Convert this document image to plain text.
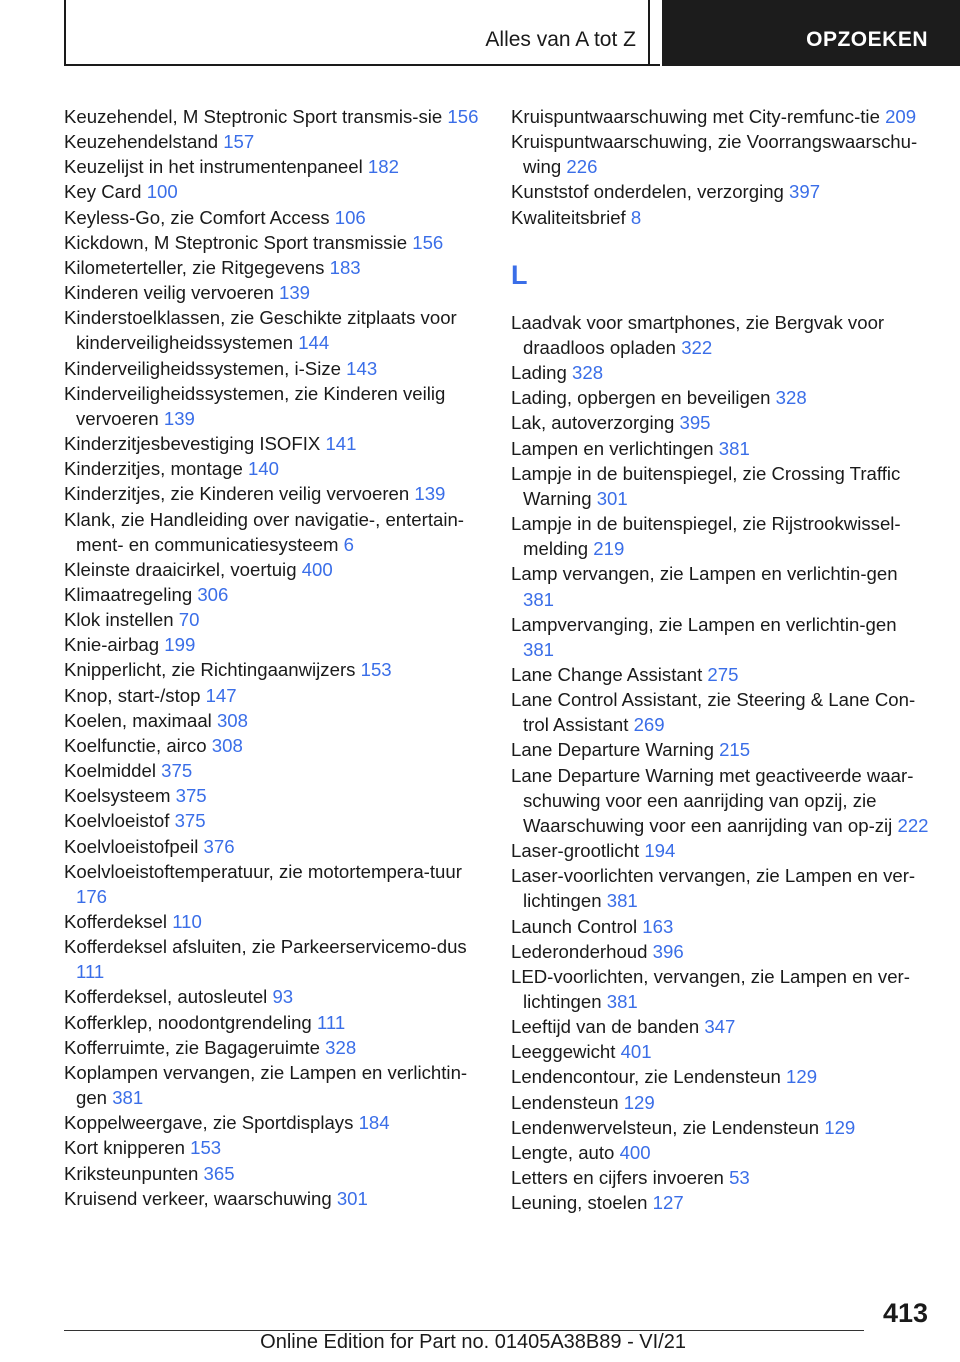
Alles van A tot Z	OPZOEKEN
Keuzehendel, M Steptronic Sport transmis-sie 156
Keuzehendelstand 157
Keuzelijst in het instrumentenpaneel 182
Key Card 100
Keyless-Go, zie Comfort Access 106
Kickdown, M Steptronic Sport transmissie 156
Kilometerteller, zie Ritgegevens 183
Kinderen veilig vervoeren 139
Kinderstoelklassen, zie Geschikte zitplaats voor kinderveiligheidssystemen 144
Kinderveiligheidssystemen, i-Size 143
Kinderveiligheidssystemen, zie Kinderen veilig vervoeren 139
Kinderzitjesbevestiging ISOFIX 141
Kinderzitjes, montage 140
Kinderzitjes, zie Kinderen veilig vervoeren 139
Klank, zie Handleiding over navigatie-, entertain-ment- en communicatiesysteem 6
Kleinste draaicirkel, voertuig 400
Klimaatregeling 306
Klok instellen 70
Knie-airbag 199
Knipperlicht, zie Richtingaanwijzers 153
Knop, start-/stop 147
Koelen, maximaal 308
Koelfunctie, airco 308
Koelmiddel 375
Koelsysteem 375
Koelvloeistof 375
Koelvloeistofpeil 376
Koelvloeistoftemperatuur, zie motortempera-tuur 176
Kofferdeksel 110
Kofferdeksel afsluiten, zie Parkeerservicemo-dus 111
Kofferdeksel, autosleutel 93
Kofferklep, noodontgrendeling 111
Kofferruimte, zie Bagageruimte 328
Koplampen vervangen, zie Lampen en verlichtin-gen 381
Koppelweergave, zie Sportdisplays 184
Kort knipperen 153
Kriksteunpunten 365
Kruisend verkeer, waarschuwing 301
Kruispuntwaarschuwing met City-remfunc-tie 209
Kruispuntwaarschuwing, zie Voorrangswaarschu-wing 226
Kunststof onderdelen, verzorging 397
Kwaliteitsbrief 8
L
Laadvak voor smartphones, zie Bergvak voor draadloos opladen 322
Lading 328
Lading, opbergen en beveiligen 328
Lak, autoverzorging 395
Lampen en verlichtingen 381
Lampje in de buitenspiegel, zie Crossing Traffic Warning 301
Lampje in de buitenspiegel, zie Rijstrookwissel-melding 219
Lamp vervangen, zie Lampen en verlichtin-gen 381
Lampvervanging, zie Lampen en verlichtin-gen 381
Lane Change Assistant 275
Lane Control Assistant, zie Steering & Lane Con-trol Assistant 269
Lane Departure Warning 215
Lane Departure Warning met geactiveerde waar-schuwing voor een aanrijding van opzij, zie Waarschuwing voor een aanrijding van op-zij 222
Laser-grootlicht 194
Laser-voorlichten vervangen, zie Lampen en ver-lichtingen 381
Launch Control 163
Lederonderhoud 396
LED-voorlichten, vervangen, zie Lampen en ver-lichtingen 381
Leeftijd van de banden 347
Leeggewicht 401
Lendencontour, zie Lendensteun 129
Lendensteun 129
Lendenwervelsteun, zie Lendensteun 129
Lengte, auto 400
Letters en cijfers invoeren 53
Leuning, stoelen 127
413
Online Edition for Part no. 01405A38B89 - VI/21
